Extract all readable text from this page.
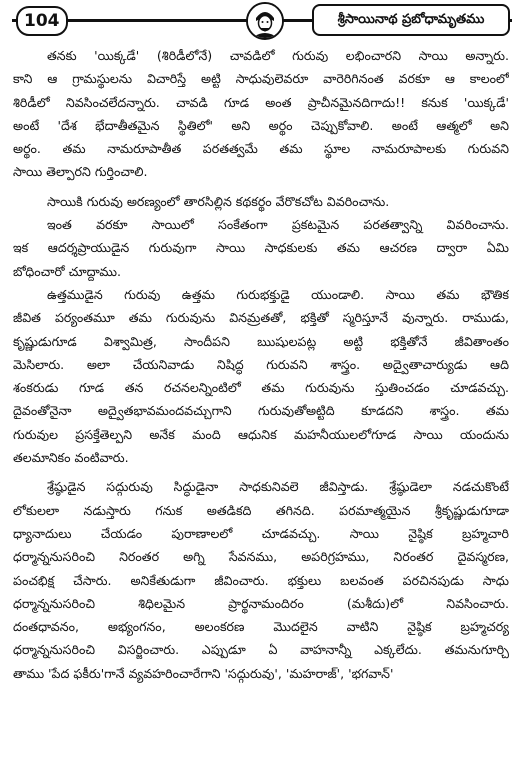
104	శ్రీసాయినాథ ప్రబోధామృతము

తనకు 'యిక్కడే' (శిరిడీలోనే) చావడిలో గురువు లభించారని సాయి అన్నారు.
కాని ఆ గ్రామస్థులను విచారిస్తే అట్టి సాధువులెవరూ వారెరిగినంత వరకూ ఆ కాలంలో
శిరిడీలో నివసించలేదన్నారు. చావడి గూడ అంత ప్రాచీనమైనదిగాదు!! కనుక 'యిక్కడే'
అంటే 'దేశ భేదాతీతమైన స్థితిలో' అని అర్థం చెప్పుకోవాలి. అంటే ఆత్మలో అని
అర్థం. తమ నామరూపాతీత పరతత్వమే తమ స్థూల నామరూపాలకు గురువని
సాయి తెల్పారని గుర్తించాలి.

సాయికి గురువు అరణ్యంలో తారసిల్లిన కథకర్థం వేరొకచోట వివరించాను.

ఇంత వరకూ సాయిలో సంకేతంగా ప్రకటమైన పరతత్వాన్ని వివరించాను.
ఇక ఆదర్శప్రాయుడైన గురువుగా సాయి సాధకులకు తమ ఆచరణ ద్వారా ఏమి
బోధించారో చూద్దాము.

ఉత్తముడైన గురువు ఉత్తమ గురుభక్తుడై యుండాలి. సాయి తమ భౌతిక
జీవిత పర్యంతమూ తమ గురువును వినమ్రతతో, భక్తితో స్మరిస్తూనే వున్నారు. రాముడు,
కృష్ణుడుగూడ విశ్వామిత్ర, సాందీపని ఋషులపట్ల అట్టి భక్తితోనే జీవితాంతం
మెసిలారు. అలా చేయనివాడు నిషిద్ధ గురువని శాస్త్రం. అద్వైతాచార్యుడు ఆది
శంకరుడు గూడ తన రచనలన్నింటిలో తమ గురువును స్తుతించడం చూడవచ్చు.
దైవంతోనైనా అద్వైతభావమందవచ్చుగాని గురువుతోఅట్టిది కూడదని శాస్త్రం. తమ
గురువుల ప్రసక్తేతెల్పని అనేక మంది ఆధునిక మహనీయులలోగూడ సాయి యందును
తలమానికం వంటివారు.

శ్రేష్ఠుడైన సద్గురువు సిద్ధుడైనా సాధకునివలె జీవిస్తాడు. శ్రేష్ఠుడెలా నడచుకొంటే
లోకులలా నడుస్తారు గనుక అతడికది తగినది. పరమాత్మయైన శ్రీకృష్ణుడుగూడా
ధ్యానాదులు చేయడం పురాణాలలో చూడవచ్చు. సాయి నైష్ఠిక బ్రహ్మచారి
ధర్మాన్ననుసరించి నిరంతర అగ్ని సేవనము, అపరిగ్రహము, నిరంతర దైవస్మరణ,
పంచభిక్ష చేసారు. అనికేతుడుగా జీవించారు. భక్తులు బలవంత పరచినపుడు సాధు
ధర్మాన్ననుసరించి శిధిలమైన ప్రార్థనామందిరం (మశీదు)లో నివసించారు.
దంతధావనం, అభ్యంగనం, అలంకరణ మొదలైన వాటిని నైష్ఠిక బ్రహ్మచర్య
ధర్మాన్ననుసరించి విసర్జించారు. ఎప్పుడూ ఏ వాహనాన్నీ ఎక్కలేదు. తమనుగూర్చి
తాము 'పేద ఫకీరు'గానే వ్యవహరించారేగాని 'సద్గురువు', 'మహరాజ్', 'భగవాన్'
